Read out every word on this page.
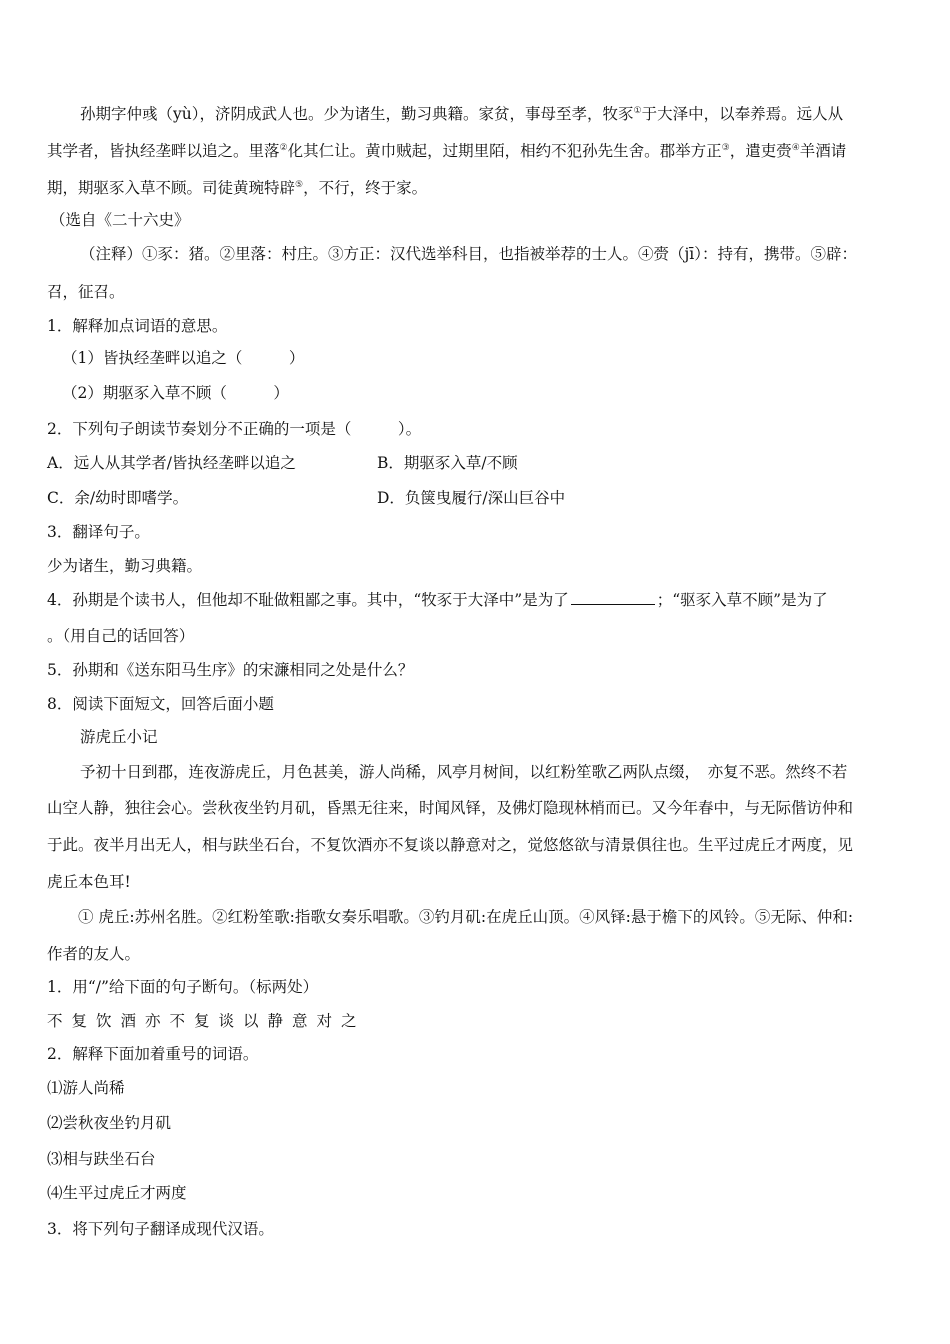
孙期字仲彧（yù），济阴成武人也。少为诸生，勤习典籍。家贫，事母至孝，牧豕①于大泽中，以奉养焉。远人从
其学者，皆执经垄畔以追之。里落②化其仁让。黄巾贼起，过期里陌，相约不犯孙先生舍。郡举方正③，遣吏赍④羊酒请
期，期驱豕入草不顾。司徒黄琬特辟⑤，不行，终于家。
（选自《二十六史》
（注释）①豕：猪。②里落：村庄。③方正：汉代选举科目，也指被举荐的士人。④赍（jī）：持有，携带。⑤辟：
召，征召。
1．解释加点词语的意思。
（1）皆执经垄畔以追之（　　　）
（2）期驱豕入草不顾（　　　）
2．下列句子朗读节奏划分不正确的一项是（　　　）。
A．远人从其学者/皆执经垄畔以追之	B．期驱豕入草/不顾
C．余/幼时即嗜学。	D．负箧曳履行/深山巨谷中
3．翻译句子。
少为诸生，勤习典籍。
4．孙期是个读书人，但他却不耻做粗鄙之事。其中，“牧豕于大泽中”是为了	；“驱豕入草不顾”是为了
。（用自己的话回答）
5．孙期和《送东阳马生序》的宋濂相同之处是什么？
8．阅读下面短文，回答后面小题
游虎丘小记
予初十日到郡，连夜游虎丘，月色甚美，游人尚稀，风亭月树间，以红粉笙歌乙两队点缀，　亦复不恶。然终不若
山空人静，独往会心。尝秋夜坐钓月矶，昏黑无往来，时闻风铎，及佛灯隐现林梢而已。又今年春中，与无际偕访仲和
于此。夜半月出无人，相与趺坐石台，不复饮酒亦不复谈以静意对之，觉悠悠欲与清景俱往也。生平过虎丘才两度，见
虎丘本色耳!
① 虎丘:苏州名胜。②红粉笙歌:指歌女奏乐唱歌。③钓月矶:在虎丘山顶。④风铎:悬于檐下的风铃。⑤无际、仲和:
作者的友人。
1．用“/”给下面的句子断句。（标两处）
不复饮酒亦不复谈以静意对之
2．解释下面加着重号的词语。
⑴游人尚稀
⑵尝秋夜坐钓月矶
⑶相与趺坐石台
⑷生平过虎丘才两度
3．将下列句子翻译成现代汉语。
